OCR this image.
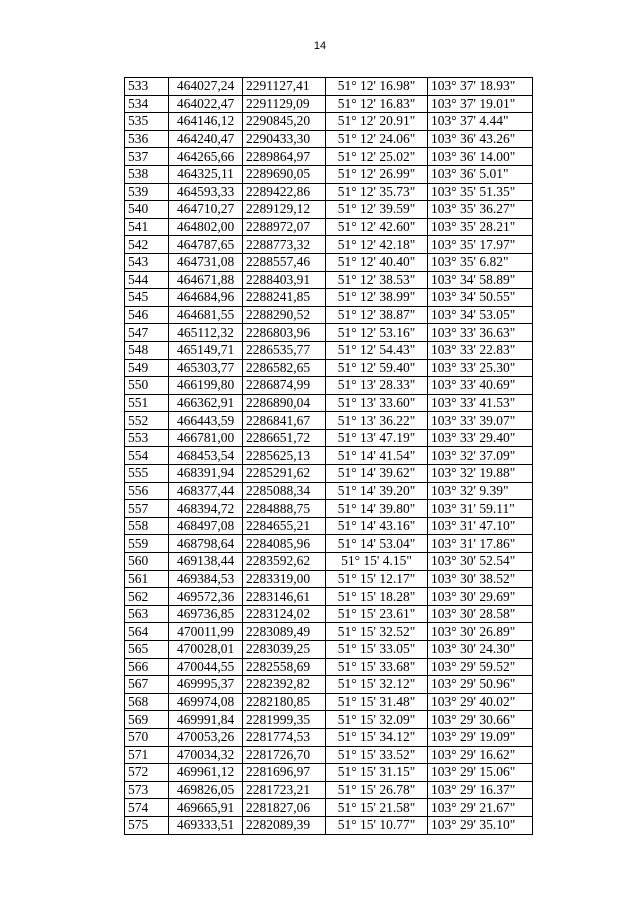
14
533	464027,24	2291127,41	51° 12' 16.98"	103° 37' 18.93"
534	464022,47	2291129,09	51° 12' 16.83"	103° 37' 19.01"
535	464146,12	2290845,20	51° 12' 20.91"	103° 37' 4.44"
536	464240,47	2290433,30	51° 12' 24.06"	103° 36' 43.26"
537	464265,66	2289864,97	51° 12' 25.02"	103° 36' 14.00"
538	464325,11	2289690,05	51° 12' 26.99"	103° 36' 5.01"
539	464593,33	2289422,86	51° 12' 35.73"	103° 35' 51.35"
540	464710,27	2289129,12	51° 12' 39.59"	103° 35' 36.27"
541	464802,00	2288972,07	51° 12' 42.60"	103° 35' 28.21"
542	464787,65	2288773,32	51° 12' 42.18"	103° 35' 17.97"
543	464731,08	2288557,46	51° 12' 40.40"	103° 35' 6.82"
544	464671,88	2288403,91	51° 12' 38.53"	103° 34' 58.89"
545	464684,96	2288241,85	51° 12' 38.99"	103° 34' 50.55"
546	464681,55	2288290,52	51° 12' 38.87"	103° 34' 53.05"
547	465112,32	2286803,96	51° 12' 53.16"	103° 33' 36.63"
548	465149,71	2286535,77	51° 12' 54.43"	103° 33' 22.83"
549	465303,77	2286582,65	51° 12' 59.40"	103° 33' 25.30"
550	466199,80	2286874,99	51° 13' 28.33"	103° 33' 40.69"
551	466362,91	2286890,04	51° 13' 33.60"	103° 33' 41.53"
552	466443,59	2286841,67	51° 13' 36.22"	103° 33' 39.07"
553	466781,00	2286651,72	51° 13' 47.19"	103° 33' 29.40"
554	468453,54	2285625,13	51° 14' 41.54"	103° 32' 37.09"
555	468391,94	2285291,62	51° 14' 39.62"	103° 32' 19.88"
556	468377,44	2285088,34	51° 14' 39.20"	103° 32' 9.39"
557	468394,72	2284888,75	51° 14' 39.80"	103° 31' 59.11"
558	468497,08	2284655,21	51° 14' 43.16"	103° 31' 47.10"
559	468798,64	2284085,96	51° 14' 53.04"	103° 31' 17.86"
560	469138,44	2283592,62	51° 15' 4.15"	103° 30' 52.54"
561	469384,53	2283319,00	51° 15' 12.17"	103° 30' 38.52"
562	469572,36	2283146,61	51° 15' 18.28"	103° 30' 29.69"
563	469736,85	2283124,02	51° 15' 23.61"	103° 30' 28.58"
564	470011,99	2283089,49	51° 15' 32.52"	103° 30' 26.89"
565	470028,01	2283039,25	51° 15' 33.05"	103° 30' 24.30"
566	470044,55	2282558,69	51° 15' 33.68"	103° 29' 59.52"
567	469995,37	2282392,82	51° 15' 32.12"	103° 29' 50.96"
568	469974,08	2282180,85	51° 15' 31.48"	103° 29' 40.02"
569	469991,84	2281999,35	51° 15' 32.09"	103° 29' 30.66"
570	470053,26	2281774,53	51° 15' 34.12"	103° 29' 19.09"
571	470034,32	2281726,70	51° 15' 33.52"	103° 29' 16.62"
572	469961,12	2281696,97	51° 15' 31.15"	103° 29' 15.06"
573	469826,05	2281723,21	51° 15' 26.78"	103° 29' 16.37"
574	469665,91	2281827,06	51° 15' 21.58"	103° 29' 21.67"
575	469333,51	2282089,39	51° 15' 10.77"	103° 29' 35.10"
